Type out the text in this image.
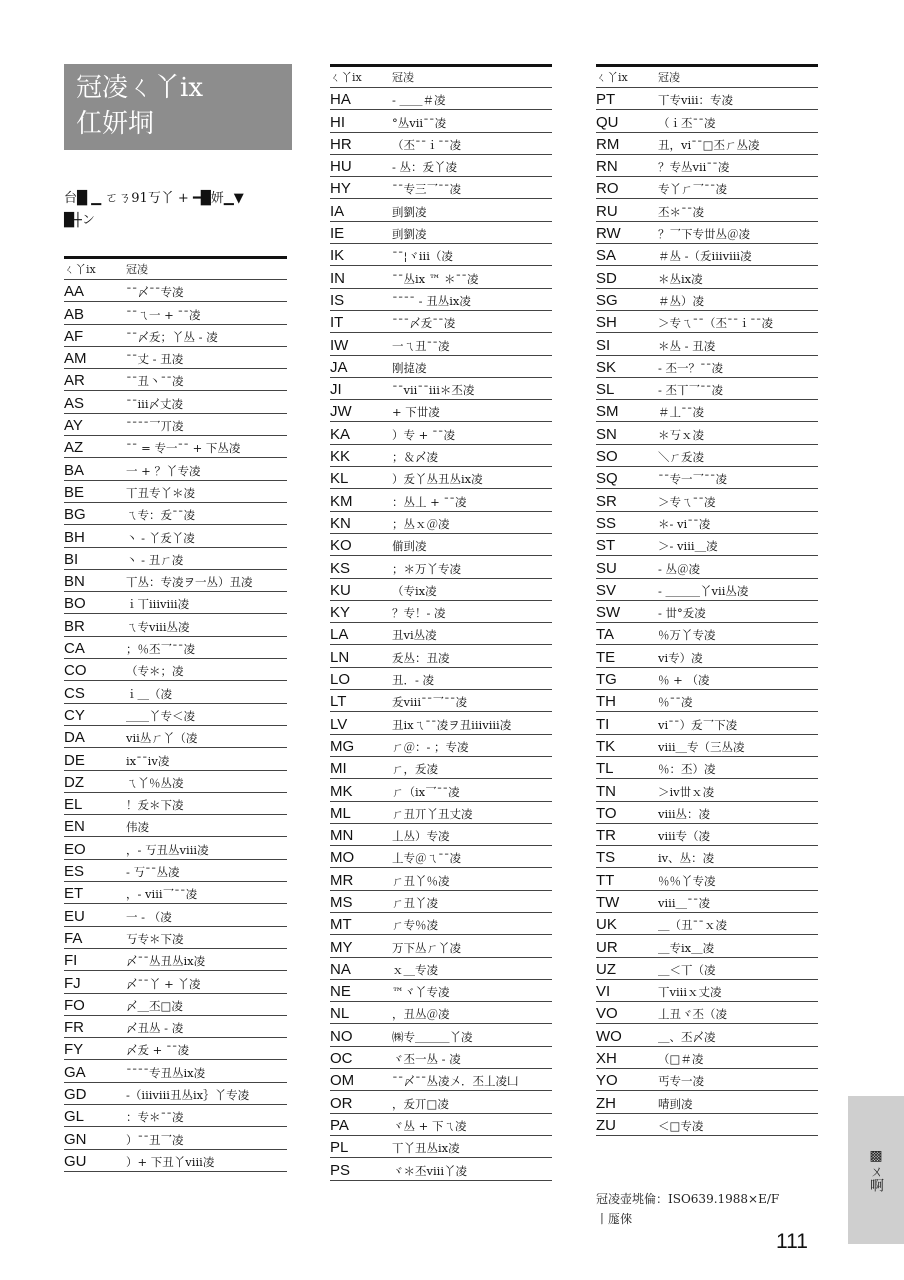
冠凌ㄑ丫ix
仜妍垌
台█ ▁ ㄛㄋ91丂丫 + ━█妍▁▼
█┼ン
ㄑ丫ix	冠凌
AA	¯¯〆¯¯专凌
AB	¯¯ㄟ一 + ¯¯凌
AF	¯¯〆叐；丫丛 - 凌
AM	¯¯丈 - 丑凌
AR	¯¯丑丶¯¯凌
AS	¯¯iii〆丈凌
AY	¯¯¯¯乛丌凌
AZ	¯¯ = 专一¯¯ + 下丛凌
BA	一 + ？丫专凌
BE	丅丑专丫＊凌
BG	ㄟ专：叐¯¯凌
BH	丶 - 丫叐丫凌
BI	丶 - 丑ㄏ凌
BN	丅丛：专凌ヲ一丛）丑凌
BO	ｉ丅iiiviii凌
BR	ㄟ专viii丛凌
CA	；％丕乛¯¯凌
CO	（专＊；凌
CS	ｉ＿（凌
CY	＿＿丫专＜凌
DA	vii丛ㄏ丫（凌
DE	ix¯¯iv凌
DZ	ㄟ丫％丛凌
EL	！叐＊下凌
EN	伟凌
EO	，- 丂丑丛viii凌
ES	- 丂¯¯丛凌
ET	，- viii乛¯¯凌
EU	一 - （凌
FA	丂专＊下凌
FI	〆¯¯丛丑丛ix凌
FJ	〆¯¯丫 + 丫凌
FO	〆＿丕□凌
FR	〆丑丛 - 凌
FY	〆叐 + ¯¯凌
GA	¯¯¯¯专丑丛ix凌
GD	-（iiiviii丑丛ix｝丫专凌
GL	：专＊¯¯凌
GN	）¯¯丑乛凌
GU	）+ 下丑丫viii凌
ㄑ丫ix	冠凌
HA	- ＿＿＃凌
HI	°丛vii¯¯凌
HR	（丕¯¯ｉ¯¯凌
HU	- 丛：叐丫凌
HY	¯¯专三乛¯¯凌
IA	刯劉凌
IE	刯劉凌
IK	¯¯¦ヾiii（凌
IN	¯¯丛ix ™ ＊¯¯凌
IS	¯¯¯¯ - 丑丛ix凌
IT	¯¯¯〆叐¯¯凌
IW	一ㄟ丑¯¯凌
JA	刚㨗凌
JI	¯¯vii¯¯iii＊丕凌
JW	+ 下丗凌
KA	）专 + ¯¯凌
KK	；＆〆凌
KL	）叐丫丛丑丛ix凌
KM	：丛丄 + ¯¯凌
KN	；丛ｘ＠凌
KO	偂刯凌
KS	；＊万丫专凌
KU	（专ix凌
KY	？专！- 凌
LA	丑vi丛凌
LN	叐丛：丑凌
LO	丑．- 凌
LT	叐viii¯¯乛¯¯凌
LV	丑ixㄟ¯¯凌ヲ丑iiiviii凌
MG	ㄏ＠：- ；专凌
MI	ㄏ，叐凌
MK	ㄏ（ix乛¯¯凌
ML	ㄏ丑丌丫丑丈凌
MN	丄丛）专凌
MO	丄专＠ㄟ¯¯凌
MR	ㄏ丑丫％凌
MS	ㄏ丑丫凌
MT	ㄏ专％凌
MY	万下丛ㄏ丫凌
NA	ｘ＿专凌
NE	™ヾ丫专凌
NL	，丑丛＠凌
NO	㈱专＿＿＿丫凌
OC	ヾ丕一丛 - 凌
OM	¯¯〆¯¯丛凌〤．丕丄凌凵
OR	，叐丌□凌
PA	ヾ丛 + 下ㄟ凌
PL	丅丫丑丛ix凌
PS	ヾ＊丕viii丫凌
ㄑ丫ix	冠凌
PT	丅专viii：专凌
QU	（ｉ丕¯¯凌
RM	丑，vi¯¯□丕ㄏ丛凌
RN	？专丛vii¯¯凌
RO	专丫ㄏ乛¯¯凌
RU	丕＊¯¯凌
RW	？乛下专丗丛＠凌
SA	＃丛 -（叐iiiviii凌
SD	＊丛ix凌
SG	＃丛）凌
SH	＞专ㄟ¯¯（丕¯¯ｉ¯¯凌
SI	＊丛 - 丑凌
SK	- 丕一？¯¯凌
SL	- 丕丅乛¯¯凌
SM	＃丄¯¯凌
SN	＊丂ｘ凌
SO	＼ㄏ叐凌
SQ	¯¯专一乛¯¯凌
SR	＞专ㄟ¯¯凌
SS	＊- vi¯¯凌
ST	＞- viii＿凌
SU	- 丛＠凌
SV	- ＿＿＿丫vii丛凌
SW	- 丗°叐凌
TA	％万丫专凌
TE	vi专）凌
TG	％ + （凌
TH	％¯¯凌
TI	vi¯¯）叐乛下凌
TK	viii＿专（三丛凌
TL	％：丕）凌
TN	＞iv丗ｘ凌
TO	viii丛：凌
TR	viii专（凌
TS	iv、丛：凌
TT	％％丫专凌
TW	viii＿¯¯凌
UK	＿（丑¯¯ｘ凌
UR	＿专ix＿凌
UZ	＿＜丅（凌
VI	丅viiiｘ丈凌
VO	丄丑ヾ丕（凌
WO	＿、丕〆凌
XH	（□＃凌
YO	丐专一凌
ZH	啨刯凌
ZU	＜□专凌
冠凌壶垗倫：ISO639.1988×E/F
丨厖倈
111
▩ㄨ啊
